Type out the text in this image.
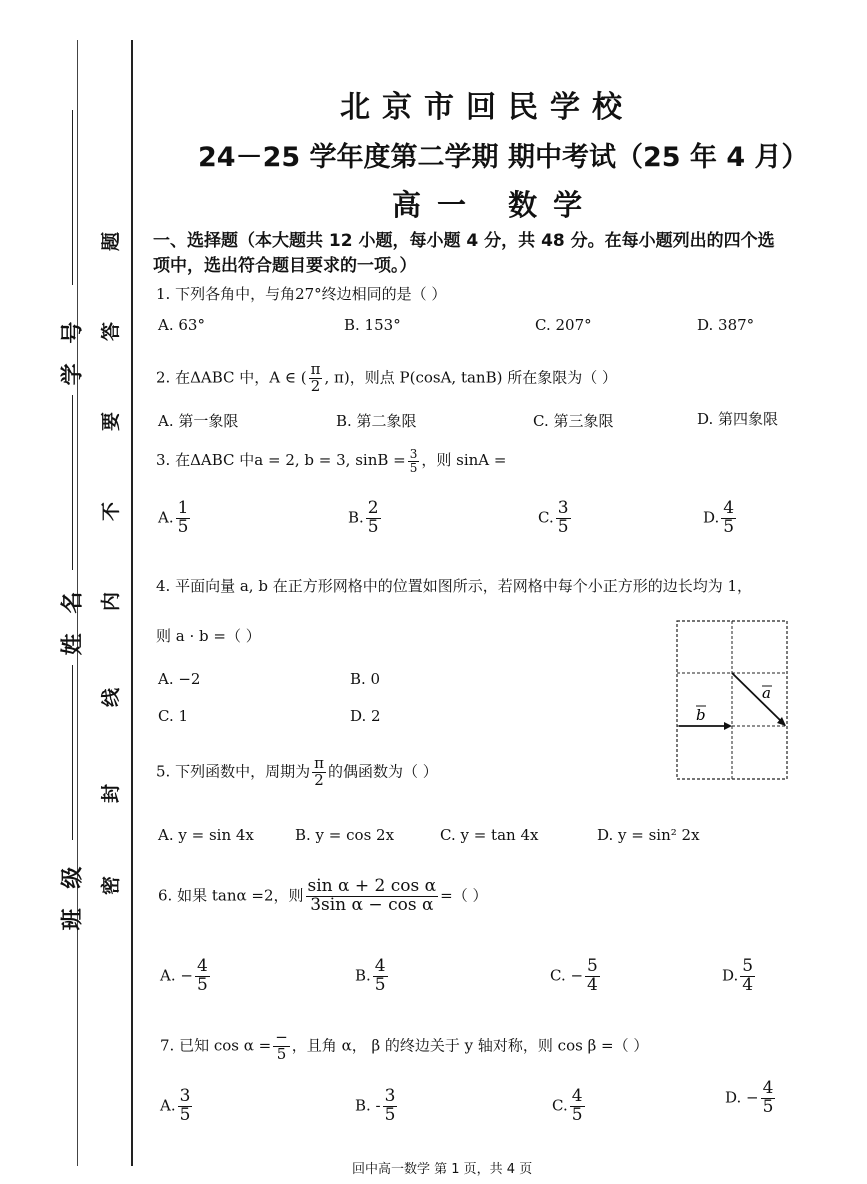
学 号
姓 名
班 级
题
答
要
不
内
线
封
密
北京市回民学校
24－25 学年度第二学期 期中考试（25 年 4 月）
高一 数学
一、选择题（本大题共 12 小题，每小题 4 分，共 48 分。在每小题列出的四个选
项中，选出符合题目要求的一项。）
1. 下列各角中，与角27°终边相同的是（ ）
A. 63°	B. 153°	C. 207°	D. 387°
2. 在ΔABC 中，A ∈ ( $\frac{\pi}{2}$ , π)，则点 P(cosA, tanB) 所在象限为（ ）
A. 第一象限	B. 第二象限	C. 第三象限	D. 第四象限
3. 在ΔABC 中a = 2, b = 3, $\sin B = \frac{3}{5}$ ，则 sinA =
A. $\frac{1}{5}$	B. $\frac{2}{5}$	C. $\frac{3}{5}$	D. $\frac{4}{5}$
4. 平面向量 a, b 在正方形网格中的位置如图所示，若网格中每个小正方形的边长均为 1，
则 a · b =（ ）
A. −2	B. 0
C. 1	D. 2	b
a
5. 下列函数中，周期为 $\frac{\pi}{2}$ 的偶函数为（ ）
A. y = sin 4x	B. y = cos 2x	C. y = tan 4x	D. y = sin² 2x
6. 如果 tanα =2，则 $\frac{\text{sin α + 2 cos α}}{\text{3sin α − cos α}}$ =（ ）
A. − $\frac{4}{5}$	B. $\frac{4}{5}$	C. − $\frac{5}{4}$	D. $\frac{5}{4}$
7. 已知 $\cos \alpha = \frac{-}{5}$ ，且角 α， β 的终边关于 y 轴对称，则 cos β =（ ）
A. $\frac{3}{5}$	B. - $\frac{3}{5}$	C. $\frac{4}{5}$	D. − $\frac{4}{5}$
回中高一数学 第 1 页，共 4 页
